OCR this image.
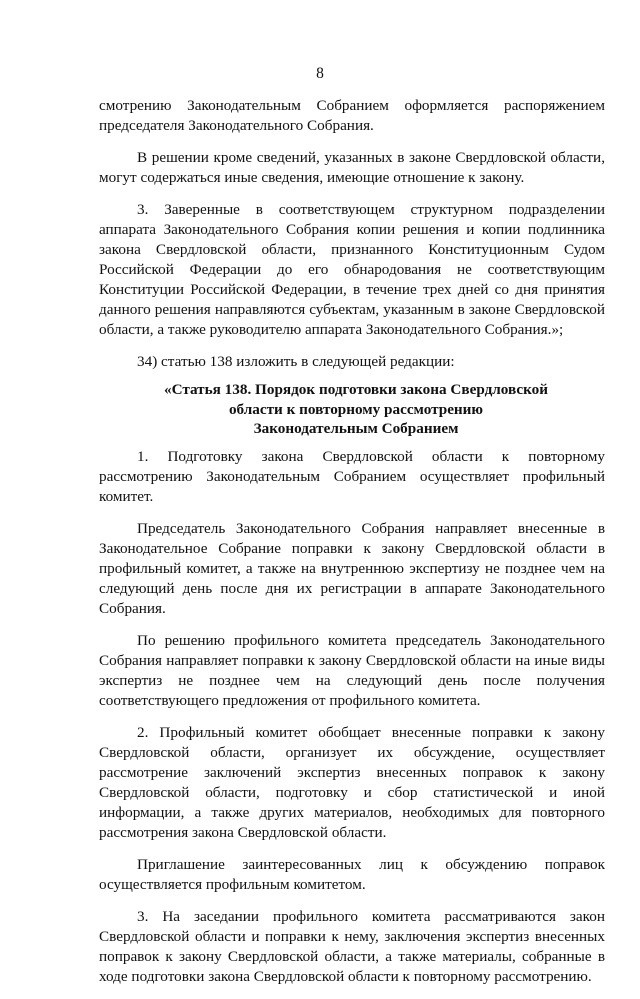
8

смотрению Законодательным Собранием оформляется распоряжением председателя Законодательного Собрания.

В решении кроме сведений, указанных в законе Свердловской области, могут содержаться иные сведения, имеющие отношение к закону.

3. Заверенные в соответствующем структурном подразделении аппарата Законодательного Собрания копии решения и копии подлинника закона Свердловской области, признанного Конституционным Судом Российской Федерации до его обнародования не соответствующим Конституции Российской Федерации, в течение трех дней со дня принятия данного решения направляются субъектам, указанным в законе Свердловской области, а также руководителю аппарата Законодательного Собрания.»;

34) статью 138 изложить в следующей редакции:

«Статья 138. Порядок подготовки закона Свердловской
области к повторному рассмотрению
Законодательным Собранием

1. Подготовку закона Свердловской области к повторному рассмотрению Законодательным Собранием осуществляет профильный комитет.

Председатель Законодательного Собрания направляет внесенные в Законодательное Собрание поправки к закону Свердловской области в профильный комитет, а также на внутреннюю экспертизу не позднее чем на следующий день после дня их регистрации в аппарате Законодательного Собрания.

По решению профильного комитета председатель Законодательного Собрания направляет поправки к закону Свердловской области на иные виды экспертиз не позднее чем на следующий день после получения соответствующего предложения от профильного комитета.

2. Профильный комитет обобщает внесенные поправки к закону Свердловской области, организует их обсуждение, осуществляет рассмотрение заключений экспертиз внесенных поправок к закону Свердловской области, подготовку и сбор статистической и иной информации, а также других материалов, необходимых для повторного рассмотрения закона Свердловской области.

Приглашение заинтересованных лиц к обсуждению поправок осуществляется профильным комитетом.

3. На заседании профильного комитета рассматриваются закон Свердловской области и поправки к нему, заключения экспертиз внесенных поправок к закону Свердловской области, а также материалы, собранные в ходе подготовки закона Свердловской области к повторному рассмотрению.
